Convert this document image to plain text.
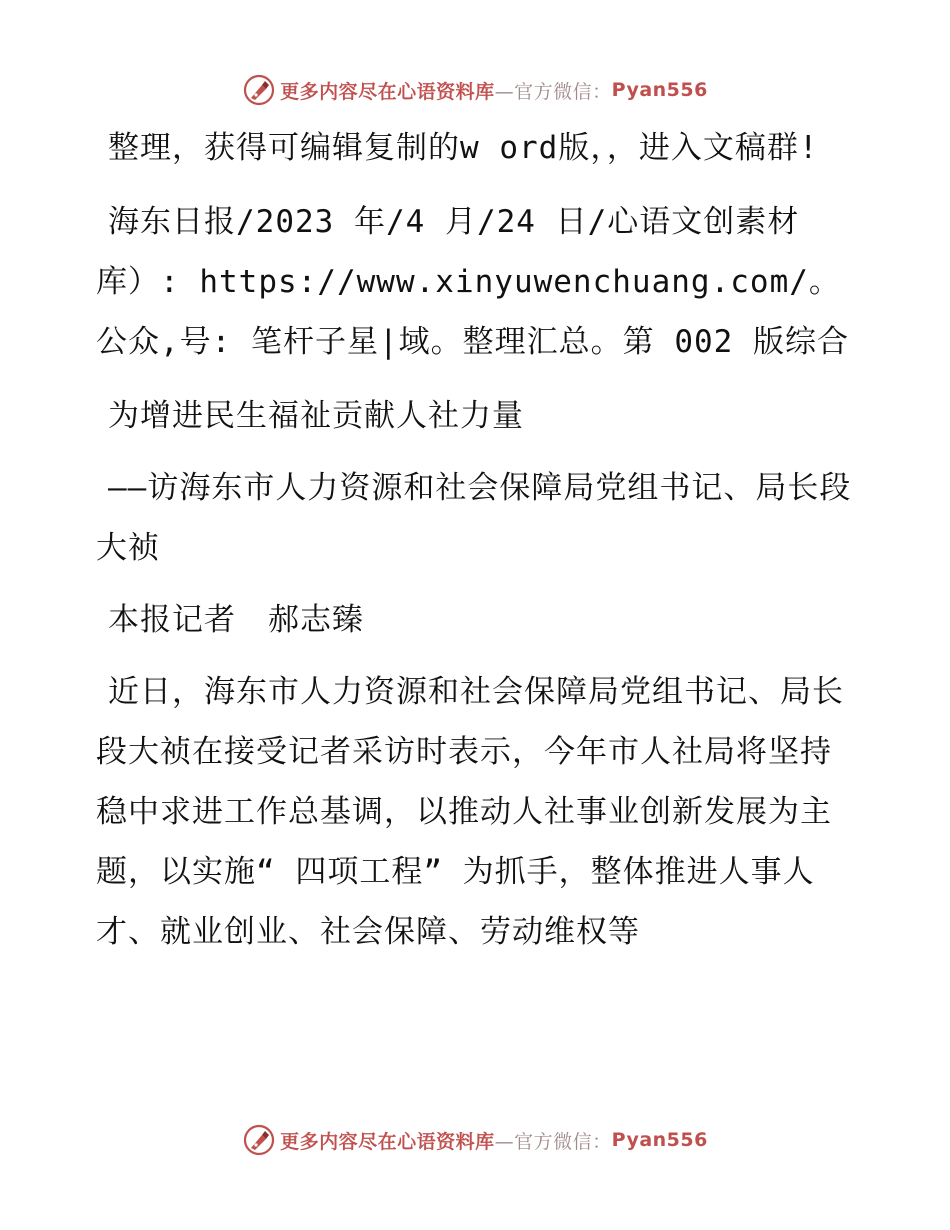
更多内容尽在心语资料库 —官方微信： Pyan556

整理，获得可编辑复制的w ord版，，进入文稿群!

海东日报/2023 年/4 月/24 日/心语文创素材库）: https://www.xinyuwenchuang.com/。公众,号: 笔杆子星|域。整理汇总。第 002 版综合

为增进民生福祉贡献人社力量

——访海东市人力资源和社会保障局党组书记、局长段大祯

本报记者　郝志臻

近日，海东市人力资源和社会保障局党组书记、局长段大祯在接受记者采访时表示，今年市人社局将坚持稳中求进工作总基调，以推动人社事业创新发展为主题，以实施“ 四项工程” 为抓手，整体推进人事人才、就业创业、社会保障、劳动维权等

更多内容尽在心语资料库 —官方微信： Pyan556
